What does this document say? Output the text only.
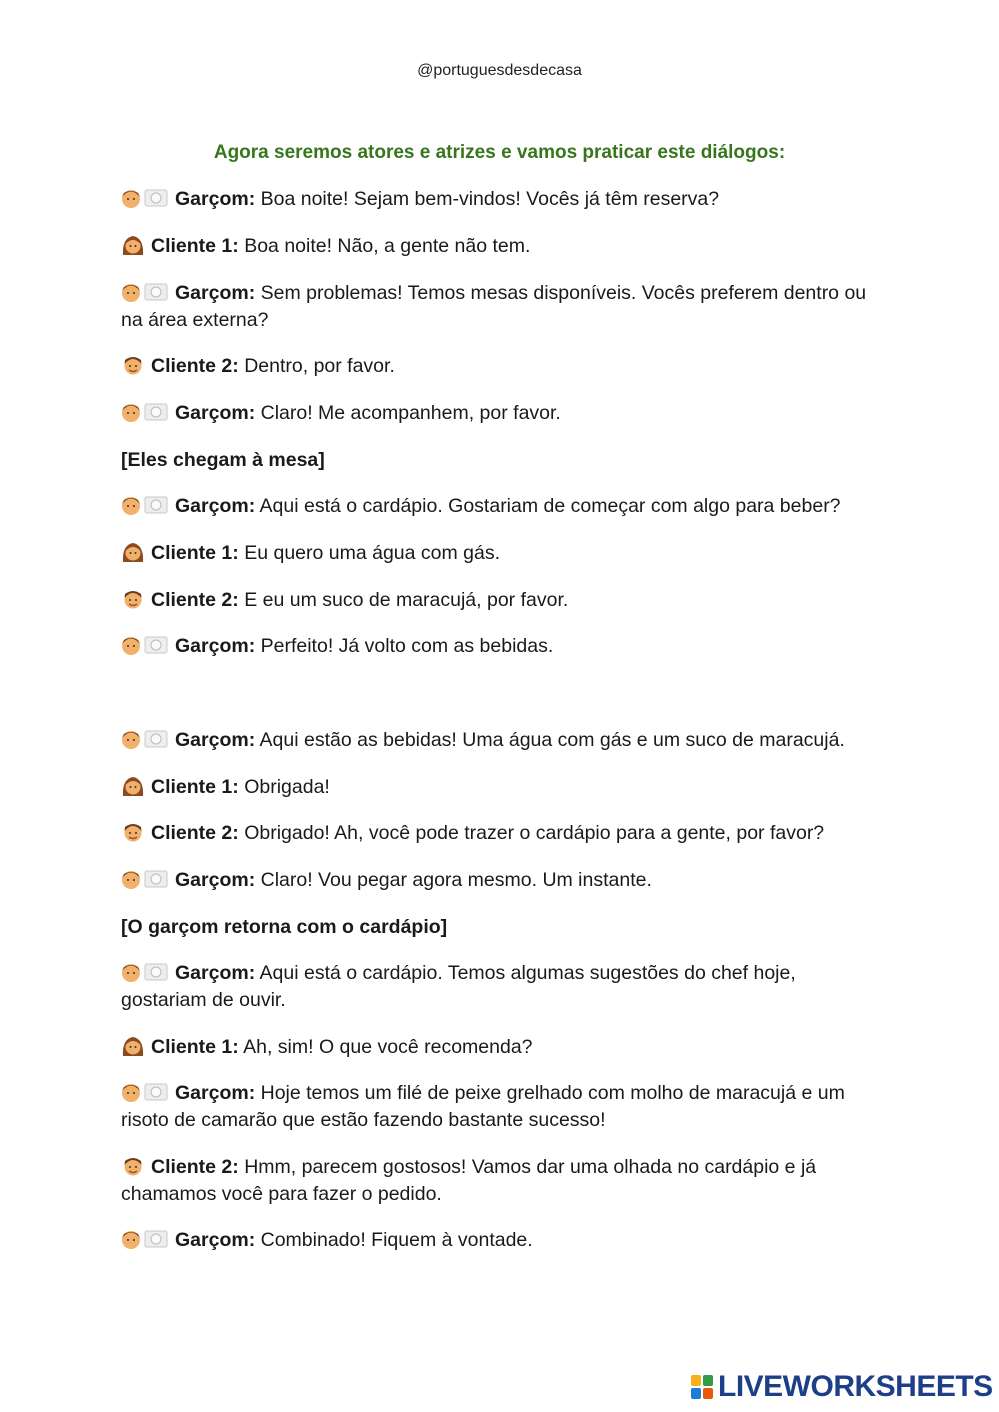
@portuguesdesdecasa
Agora seremos atores e atrizes e vamos praticar este diálogos:
Garçom: Boa noite! Sejam bem-vindos! Vocês já têm reserva?
Cliente 1: Boa noite! Não, a gente não tem.
Garçom: Sem problemas! Temos mesas disponíveis. Vocês preferem dentro ou na área externa?
Cliente 2: Dentro, por favor.
Garçom: Claro! Me acompanhem, por favor.
[Eles chegam à mesa]
Garçom: Aqui está o cardápio. Gostariam de começar com algo para beber?
Cliente 1: Eu quero uma água com gás.
Cliente 2: E eu um suco de maracujá, por favor.
Garçom: Perfeito! Já volto com as bebidas.
Garçom: Aqui estão as bebidas! Uma água com gás e um suco de maracujá.
Cliente 1: Obrigada!
Cliente 2: Obrigado! Ah, você pode trazer o cardápio para a gente, por favor?
Garçom: Claro! Vou pegar agora mesmo. Um instante.
[O garçom retorna com o cardápio]
Garçom: Aqui está o cardápio. Temos algumas sugestões do chef hoje, gostariam de ouvir.
Cliente 1: Ah, sim! O que você recomenda?
Garçom: Hoje temos um filé de peixe grelhado com molho de maracujá e um risoto de camarão que estão fazendo bastante sucesso!
Cliente 2: Hmm, parecem gostosos! Vamos dar uma olhada no cardápio e já chamamos você para fazer o pedido.
Garçom: Combinado! Fiquem à vontade.
LIVEWORKSHEETS
